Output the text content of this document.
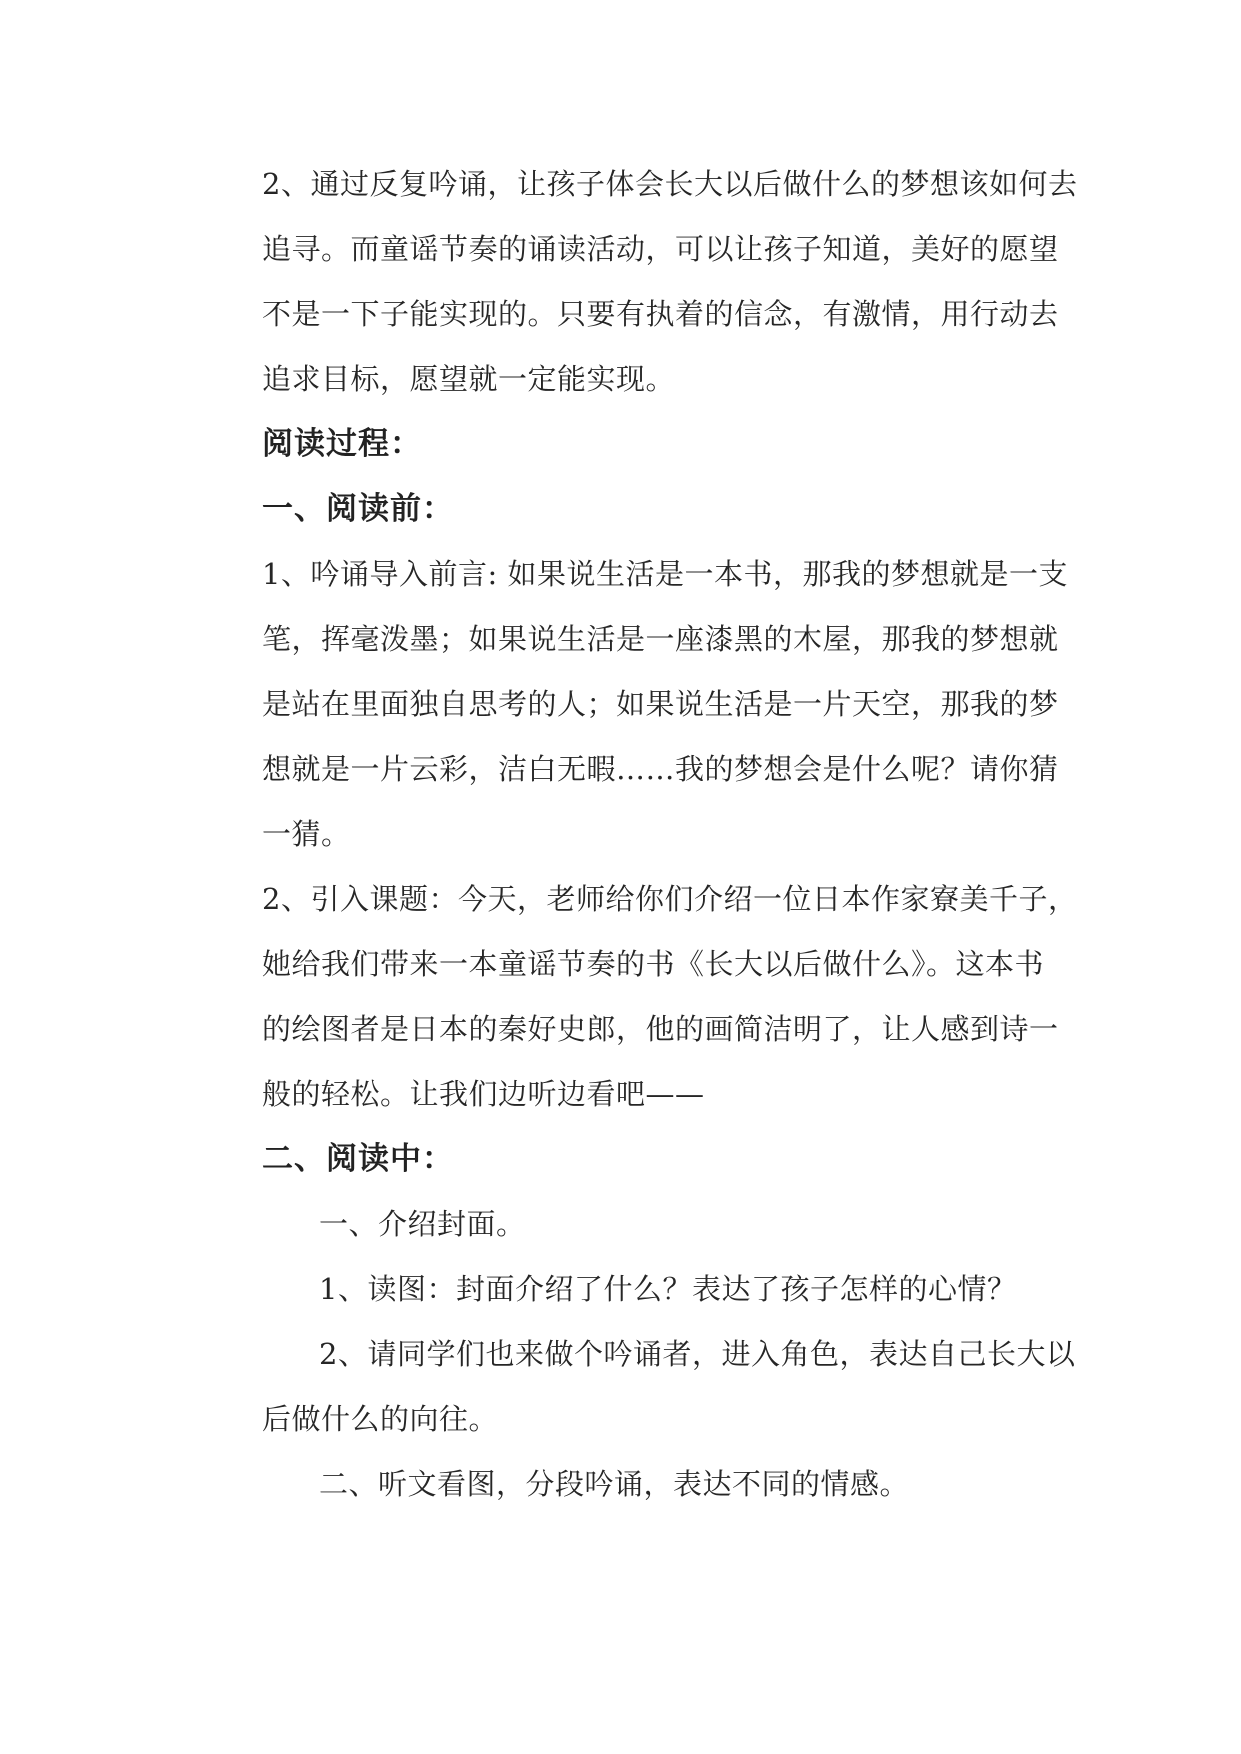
2、通过反复吟诵，让孩子体会长大以后做什么的梦想该如何去

追寻。而童谣节奏的诵读活动，可以让孩子知道，美好的愿望

不是一下子能实现的。只要有执着的信念，有激情，用行动去

追求目标，愿望就一定能实现。

阅读过程：

一、阅读前：

1、吟诵导入前言: 如果说生活是一本书，那我的梦想就是一支

笔，挥毫泼墨；如果说生活是一座漆黑的木屋，那我的梦想就

是站在里面独自思考的人；如果说生活是一片天空，那我的梦

想就是一片云彩，洁白无暇……我的梦想会是什么呢？请你猜

一猜。

2、引入课题：今天，老师给你们介绍一位日本作家寮美千子，

她给我们带来一本童谣节奏的书《长大以后做什么》。这本书

的绘图者是日本的秦好史郎，他的画简洁明了，让人感到诗一

般的轻松。让我们边听边看吧——

二、阅读中：

一、介绍封面。

1、读图：封面介绍了什么？表达了孩子怎样的心情？

2、请同学们也来做个吟诵者，进入角色，表达自己长大以

后做什么的向往。

二、听文看图，分段吟诵，表达不同的情感。
